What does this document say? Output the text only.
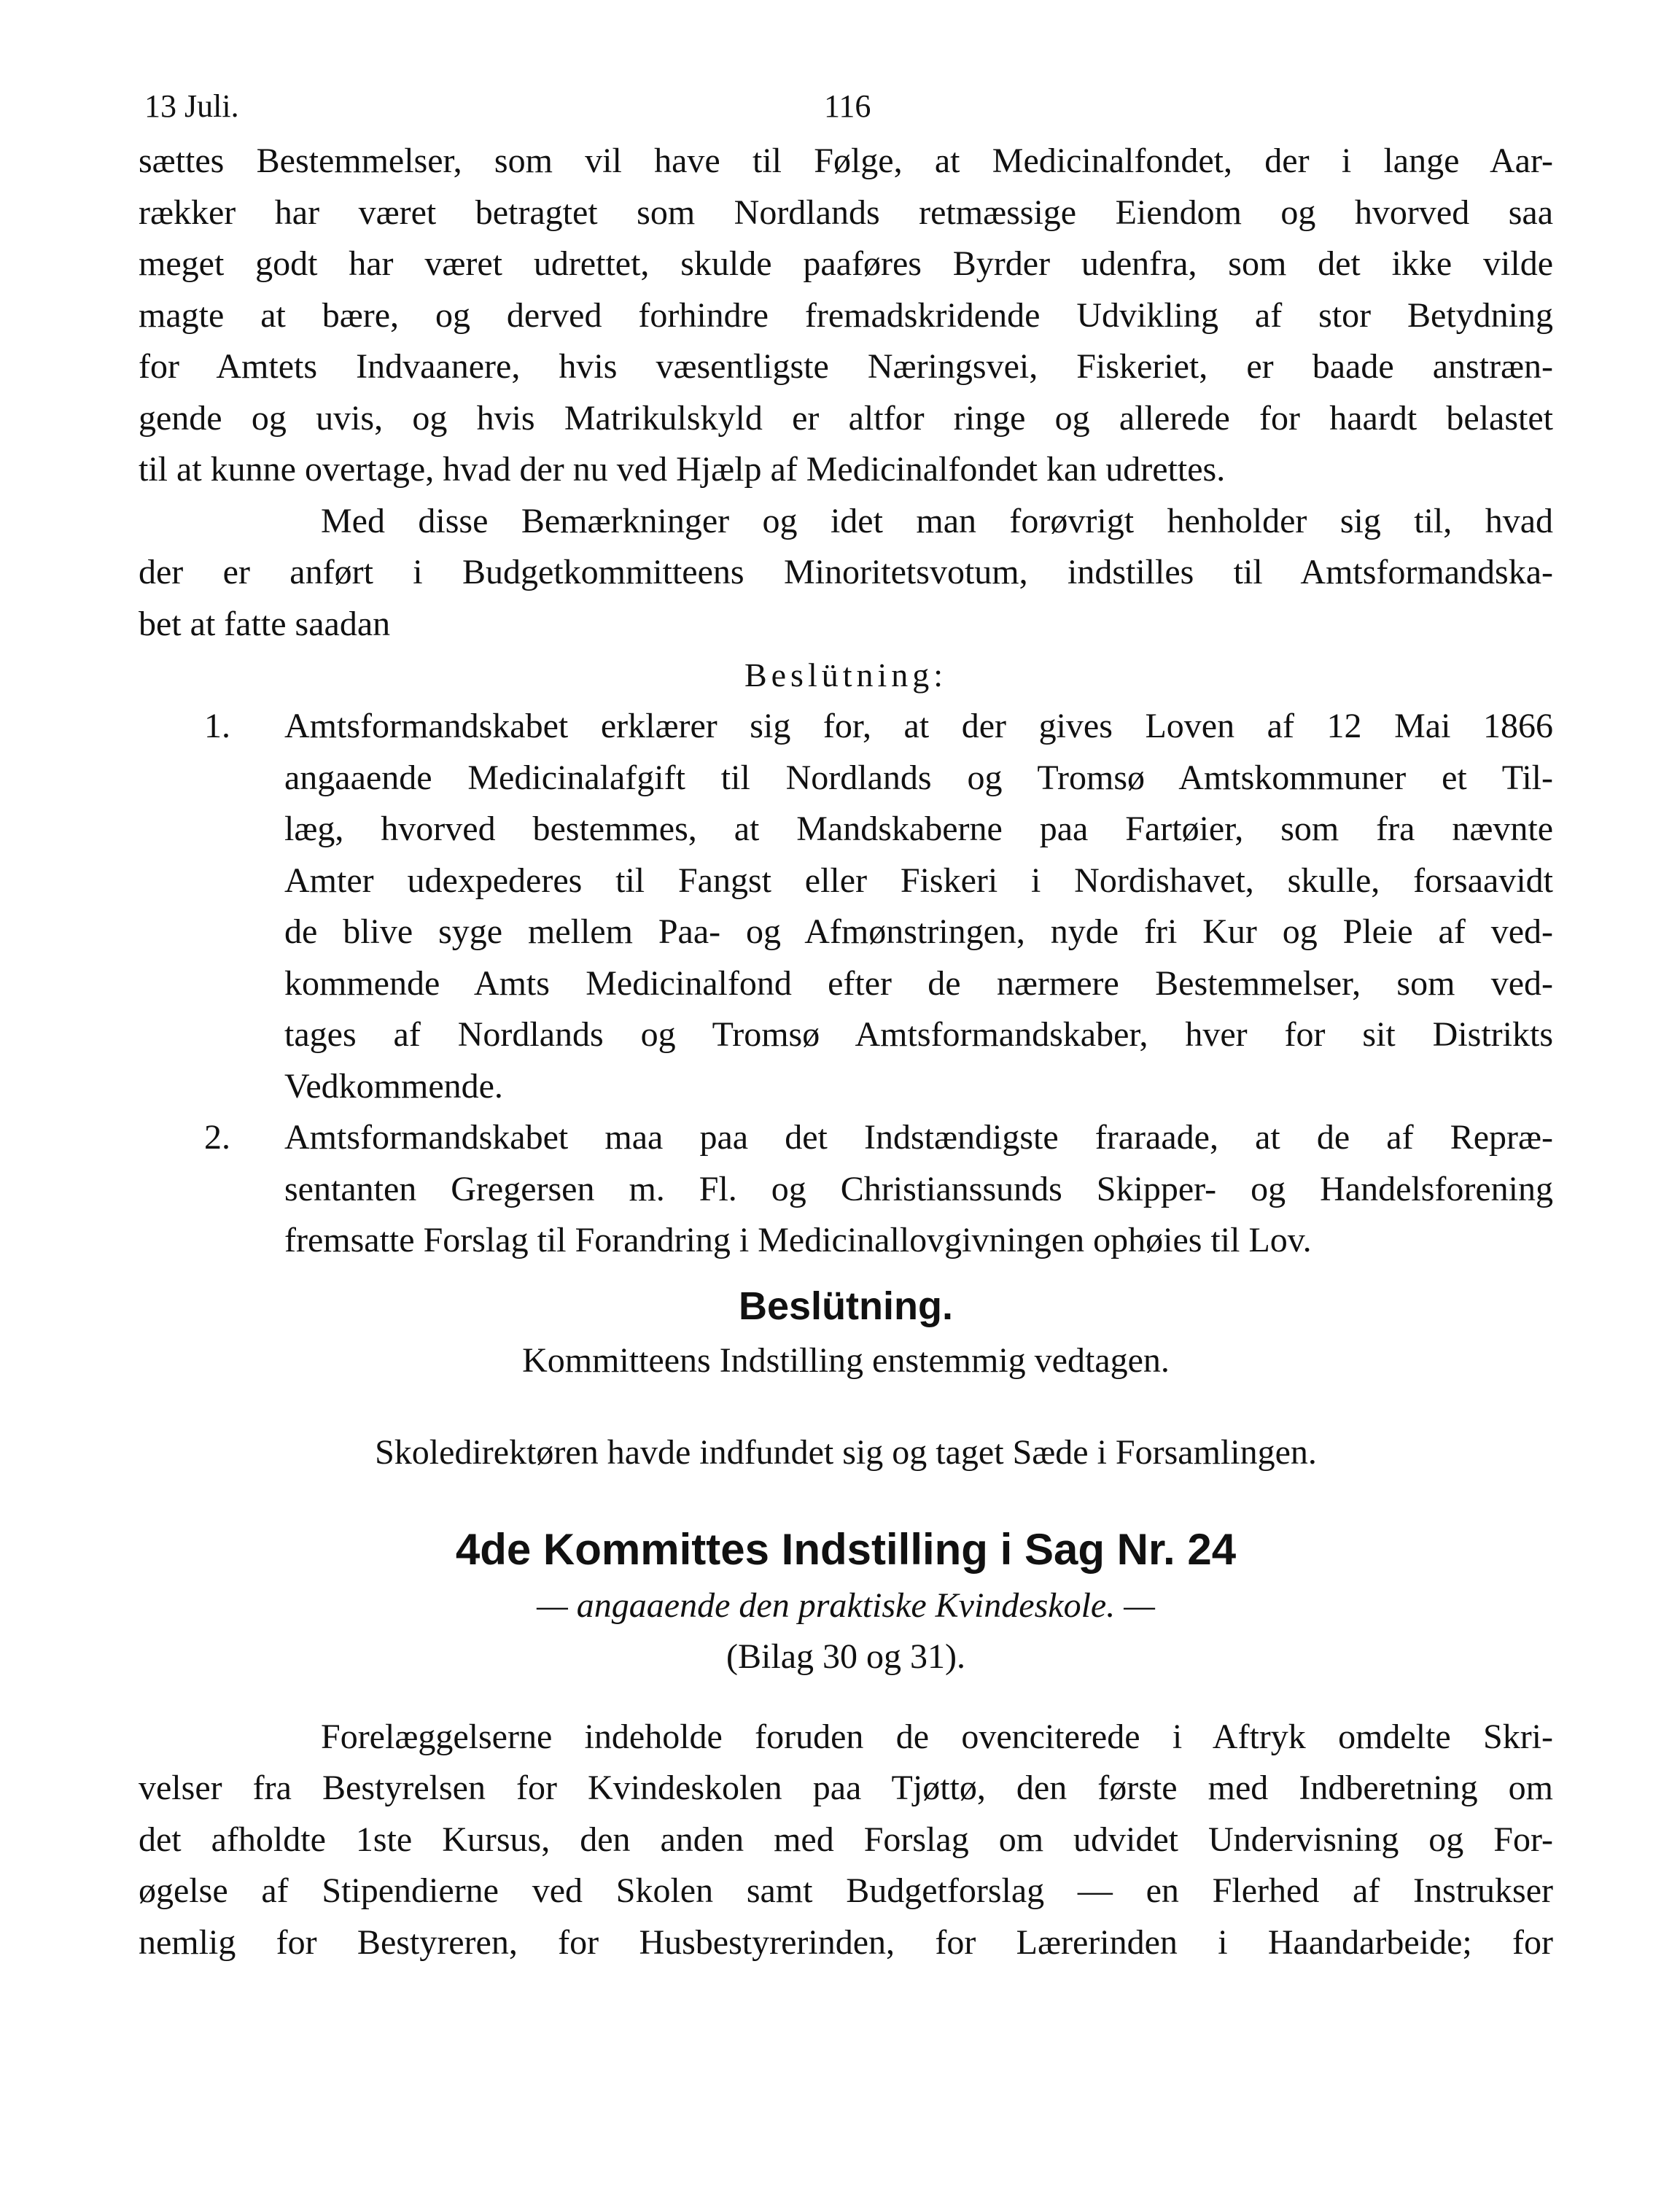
13 Juli.	116
sættes Bestemmelser, som vil have til Følge, at Medicinalfondet, der i lange Aar-
rækker har været betragtet som Nordlands retmæssige Eiendom og hvorved saa
meget godt har været udrettet, skulde paaføres Byrder udenfra, som det ikke vilde
magte at bære, og derved forhindre fremadskridende Udvikling af stor Betydning
for Amtets Indvaanere, hvis væsentligste Næringsvei, Fiskeriet, er baade anstræn-
gende og uvis, og hvis Matrikulskyld er altfor ringe og allerede for haardt belastet
til at kunne overtage, hvad der nu ved Hjælp af Medicinalfondet kan udrettes.
Med disse Bemærkninger og idet man forøvrigt henholder sig til, hvad
der er anført i Budgetkommitteens Minoritetsvotum, indstilles til Amtsformandska-
bet at fatte saadan

Beslütning:

1. Amtsformandskabet erklærer sig for, at der gives Loven af 12 Mai 1866
angaaende Medicinalafgift til Nordlands og Tromsø Amtskommuner et Til-
læg, hvorved bestemmes, at Mandskaberne paa Fartøier, som fra nævnte
Amter udexpederes til Fangst eller Fiskeri i Nordishavet, skulle, forsaavidt
de blive syge mellem Paa- og Afmønstringen, nyde fri Kur og Pleie af ved-
kommende Amts Medicinalfond efter de nærmere Bestemmelser, som ved-
tages af Nordlands og Tromsø Amtsformandskaber, hver for sit Distrikts
Vedkommende.
2. Amtsformandskabet maa paa det Indstændigste fraraade, at de af Repræ-
sentanten Gregersen m. Fl. og Christianssunds Skipper- og Handelsforening
fremsatte Forslag til Forandring i Medicinallovgivningen ophøies til Lov.

Beslütning.

Kommitteens Indstilling enstemmig vedtagen.

Skoledirektøren havde indfundet sig og taget Sæde i Forsamlingen.

4de Kommittes Indstilling i Sag Nr. 24

— angaaende den praktiske Kvindeskole. —

(Bilag 30 og 31).

Forelæggelserne indeholde foruden de ovenciterede i Aftryk omdelte Skri-
velser fra Bestyrelsen for Kvindeskolen paa Tjøttø, den første med Indberetning om
det afholdte 1ste Kursus, den anden med Forslag om udvidet Undervisning og For-
øgelse af Stipendierne ved Skolen samt Budgetforslag — en Flerhed af Instrukser
nemlig for Bestyreren, for Husbestyrerinden, for Lærerinden i Haandarbeide; for
